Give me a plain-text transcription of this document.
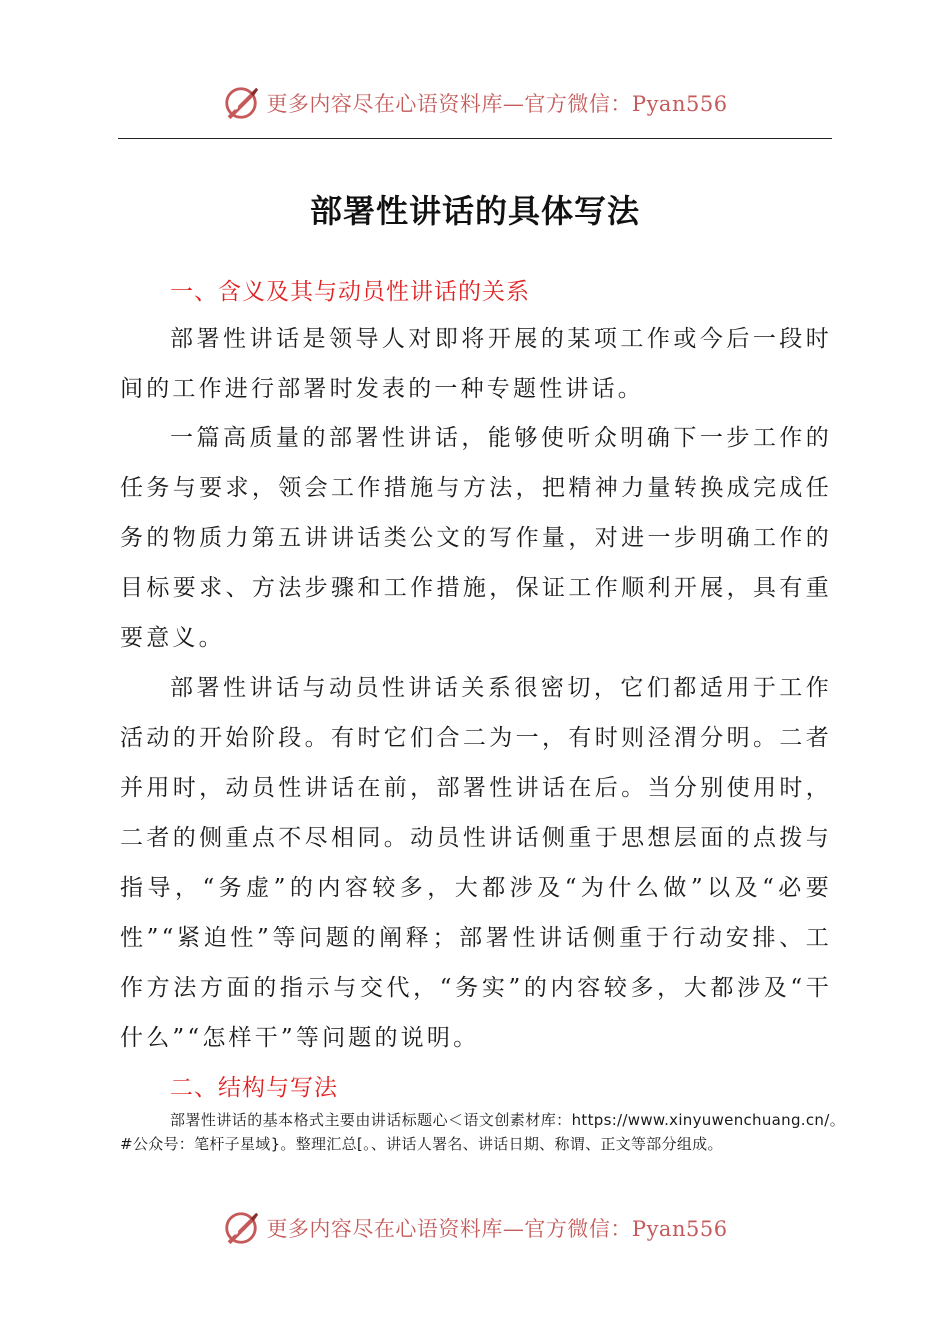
更多内容尽在心语资料库—官方微信：Pyan556
部署性讲话的具体写法
一、含义及其与动员性讲话的关系

部署性讲话是领导人对即将开展的某项工作或今后一段时间的工作进行部署时发表的一种专题性讲话。

一篇高质量的部署性讲话，能够使听众明确下一步工作的任务与要求，领会工作措施与方法，把精神力量转换成完成任务的物质力第五讲讲话类公文的写作量，对进一步明确工作的目标要求、方法步骤和工作措施，保证工作顺利开展，具有重要意义。

部署性讲话与动员性讲话关系很密切，它们都适用于工作活动的开始阶段。有时它们合二为一，有时则泾渭分明。二者并用时，动员性讲话在前，部署性讲话在后。当分别使用时，二者的侧重点不尽相同。动员性讲话侧重于思想层面的点拨与指导，“务虚”的内容较多，大都涉及“为什么做”以及“必要性”“紧迫性”等问题的阐释；部署性讲话侧重于行动安排、工作方法方面的指示与交代，“务实”的内容较多，大都涉及“干什么”“怎样干”等问题的说明。

二、结构与写法

部署性讲话的基本格式主要由讲话标题心＜语文创素材库：https://www.xinyuwenchuang.cn/。#公众号：笔杆子星域}。整理汇总[。、讲话人署名、讲话日期、称谓、正文等部分组成。

更多内容尽在心语资料库—官方微信：Pyan556
